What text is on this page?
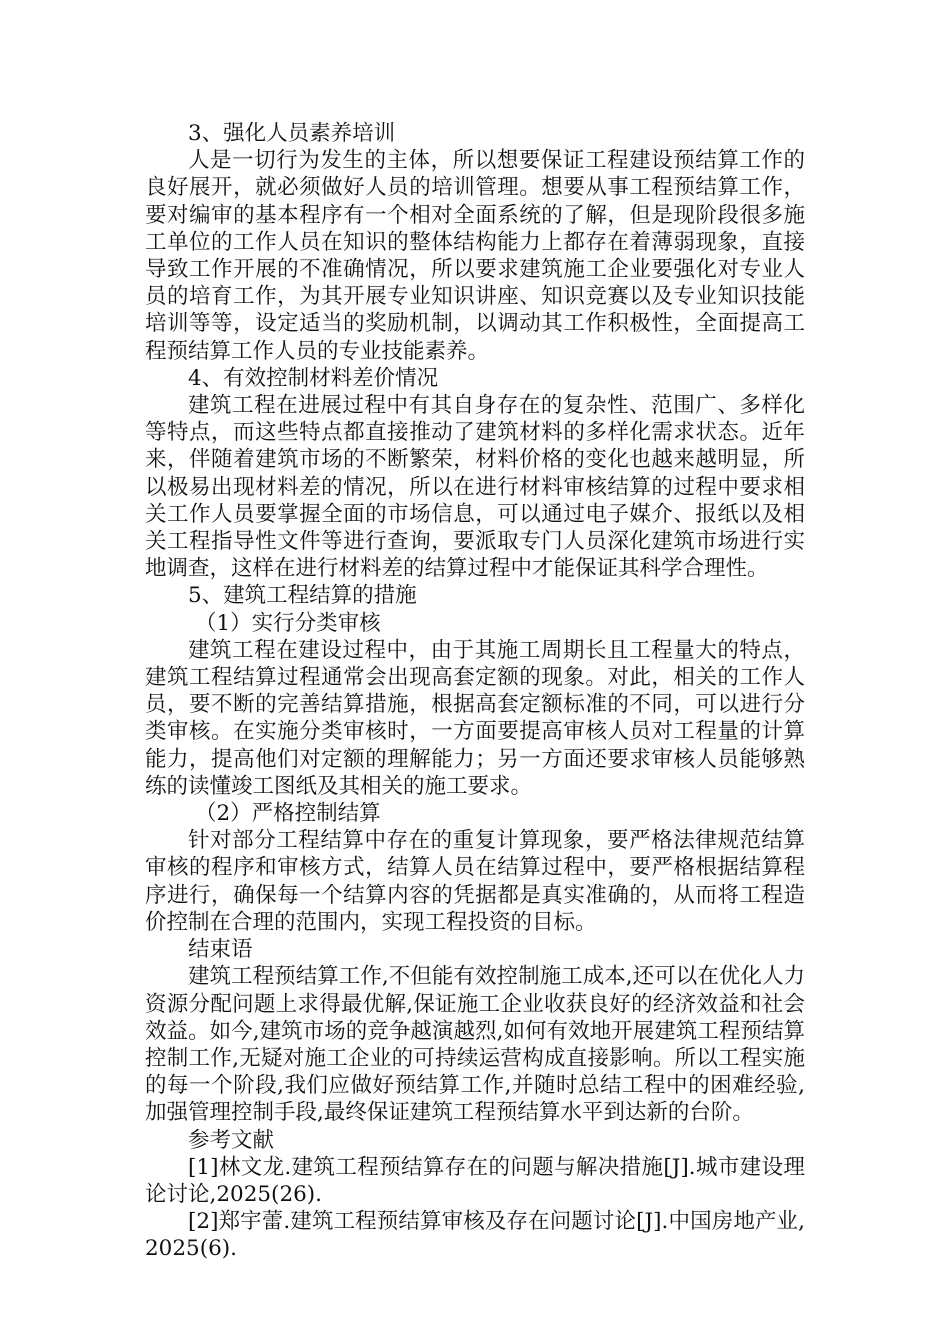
3、强化人员素养培训

人是一切行为发生的主体，所以想要保证工程建设预结算工作的良好展开，就必须做好人员的培训管理。想要从事工程预结算工作，要对编审的基本程序有一个相对全面系统的了解，但是现阶段很多施工单位的工作人员在知识的整体结构能力上都存在着薄弱现象，直接导致工作开展的不准确情况，所以要求建筑施工企业要强化对专业人员的培育工作，为其开展专业知识讲座、知识竞赛以及专业知识技能培训等等，设定适当的奖励机制，以调动其工作积极性，全面提高工程预结算工作人员的专业技能素养。

4、有效控制材料差价情况

建筑工程在进展过程中有其自身存在的复杂性、范围广、多样化等特点，而这些特点都直接推动了建筑材料的多样化需求状态。近年来，伴随着建筑市场的不断繁荣，材料价格的变化也越来越明显，所以极易出现材料差的情况，所以在进行材料审核结算的过程中要求相关工作人员要掌握全面的市场信息，可以通过电子媒介、报纸以及相关工程指导性文件等进行查询，要派取专门人员深化建筑市场进行实地调查，这样在进行材料差的结算过程中才能保证其科学合理性。

5、建筑工程结算的措施

（1）实行分类审核

建筑工程在建设过程中，由于其施工周期长且工程量大的特点，建筑工程结算过程通常会出现高套定额的现象。对此，相关的工作人员，要不断的完善结算措施，根据高套定额标准的不同，可以进行分类审核。在实施分类审核时，一方面要提高审核人员对工程量的计算能力，提高他们对定额的理解能力；另一方面还要求审核人员能够熟练的读懂竣工图纸及其相关的施工要求。

（2）严格控制结算

针对部分工程结算中存在的重复计算现象，要严格法律规范结算审核的程序和审核方式，结算人员在结算过程中，要严格根据结算程序进行，确保每一个结算内容的凭据都是真实准确的，从而将工程造价控制在合理的范围内，实现工程投资的目标。

结束语

建筑工程预结算工作,不但能有效控制施工成本,还可以在优化人力资源分配问题上求得最优解,保证施工企业收获良好的经济效益和社会效益。如今,建筑市场的竞争越演越烈,如何有效地开展建筑工程预结算控制工作,无疑对施工企业的可持续运营构成直接影响。所以工程实施的每一个阶段,我们应做好预结算工作,并随时总结工程中的困难经验,加强管理控制手段,最终保证建筑工程预结算水平到达新的台阶。

参考文献

[1]林文龙.建筑工程预结算存在的问题与解决措施[J].城市建设理论讨论,2025(26).

[2]郑宇蕾.建筑工程预结算审核及存在问题讨论[J].中国房地产业,2025(6).
